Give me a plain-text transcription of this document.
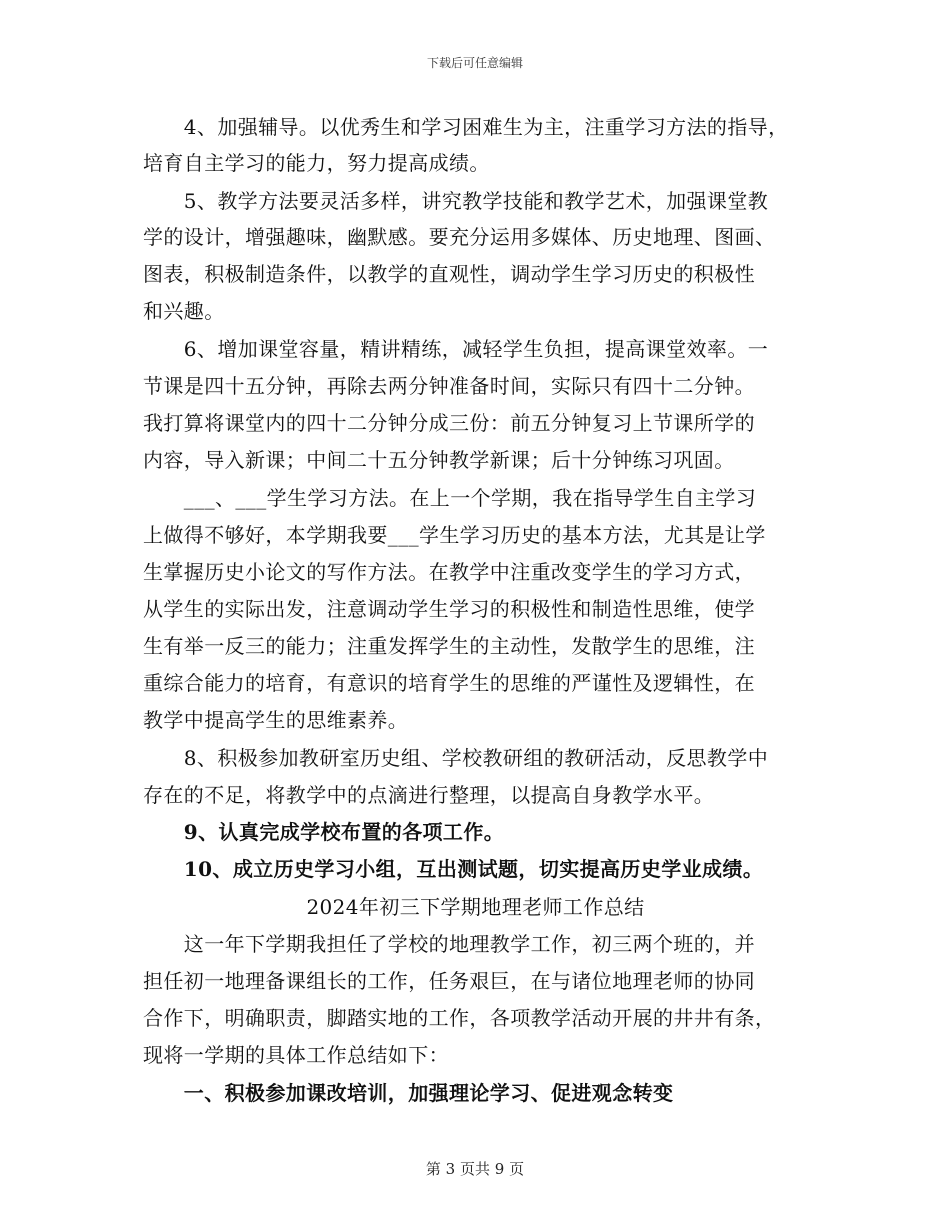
下载后可任意编辑
　　4、加强辅导。以优秀生和学习困难生为主，注重学习方法的指导，
培育自主学习的能力，努力提高成绩。
　　5、教学方法要灵活多样，讲究教学技能和教学艺术，加强课堂教
学的设计，增强趣味，幽默感。要充分运用多媒体、历史地理、图画、
图表，积极制造条件，以教学的直观性，调动学生学习历史的积极性
和兴趣。
　　6、增加课堂容量，精讲精练，减轻学生负担，提高课堂效率。一
节课是四十五分钟，再除去两分钟准备时间，实际只有四十二分钟。
我打算将课堂内的四十二分钟分成三份：前五分钟复习上节课所学的
内容，导入新课；中间二十五分钟教学新课；后十分钟练习巩固。
　　___、___学生学习方法。在上一个学期，我在指导学生自主学习
上做得不够好，本学期我要___学生学习历史的基本方法，尤其是让学
生掌握历史小论文的写作方法。在教学中注重改变学生的学习方式，
从学生的实际出发，注意调动学生学习的积极性和制造性思维，使学
生有举一反三的能力；注重发挥学生的主动性，发散学生的思维，注
重综合能力的培育，有意识的培育学生的思维的严谨性及逻辑性，在
教学中提高学生的思维素养。
　　8、积极参加教研室历史组、学校教研组的教研活动，反思教学中
存在的不足，将教学中的点滴进行整理，以提高自身教学水平。
　　9、认真完成学校布置的各项工作。
　　10、成立历史学习小组，互出测试题，切实提高历史学业成绩。
2024年初三下学期地理老师工作总结
　　这一年下学期我担任了学校的地理教学工作，初三两个班的，并
担任初一地理备课组长的工作，任务艰巨，在与诸位地理老师的协同
合作下，明确职责，脚踏实地的工作，各项教学活动开展的井井有条，
现将一学期的具体工作总结如下：
　　一、积极参加课改培训，加强理论学习、促进观念转变
第 3 页共 9 页
